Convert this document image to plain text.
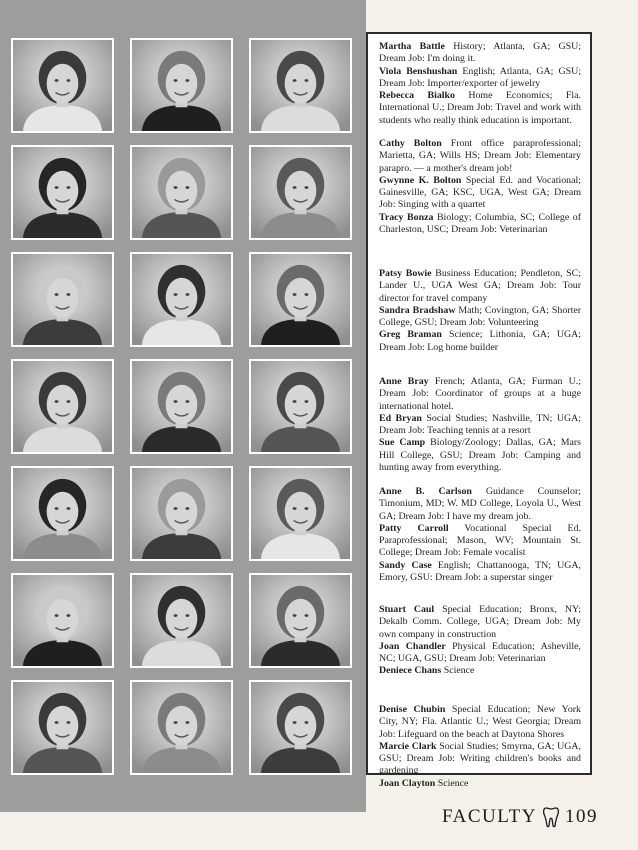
Martha Battle History; Atlanta, GA; GSU; Dream Job: I'm doing it.
Viola Benshushan English; Atlanta, GA; GSU; Dream Job: Importer/exporter of jewelry
Rebecca Bialko Home Economics; Fla. International U.; Dream Job: Travel and work with students who really think education is important.
Cathy Bolton Front office paraprofessional; Marietta, GA; Wills HS; Dream Job: Elementary parapro. — a mother's dream job!
Gwynne K. Bolton Special Ed. and Vocational; Gainesville, GA; KSC, UGA, West GA; Dream Job: Singing with a quartet
Tracy Bonza Biology; Columbia, SC; College of Charleston, USC; Dream Job: Veterinarian
Patsy Bowie Business Education; Pendleton, SC; Lander U., UGA West GA; Dream Job: Tour director for travel company
Sandra Bradshaw Math; Covington, GA; Shorter College, GSU; Dream Job: Volunteering
Greg Braman Science; Lithonia, GA; UGA; Dream Job: Log home builder
Anne Bray French; Atlanta, GA; Furman U.; Dream Job: Coordinator of groups at a huge international hotel.
Ed Bryan Social Studies; Nashville, TN; UGA; Dream Job: Teaching tennis at a resort
Sue Camp Biology/Zoology; Dallas, GA; Mars Hill College, GSU; Dream Job: Camping and hunting away from everything.
Anne B. Carlson Guidance Counselor; Timonium, MD; W. MD College, Loyola U., West GA; Dream Job: I have my dream job.
Patty Carroll Vocational Special Ed. Paraprofessional; Mason, WV; Mountain St. College; Dream Job: Female vocalist
Sandy Case English; Chattanooga, TN; UGA, Emory, GSU: Dream Job: a superstar singer
Stuart Caul Special Education; Bronx, NY; Dekalb Comm. College, UGA; Dream Job: My own company in construction
Joan Chandler Physical Education; Asheville, NC; UGA, GSU; Dream Job: Veterinarian
Deniece Chans Science
Denise Chubin Special Education; New York City, NY; Fla. Atlantic U.; West Georgia; Dream Job: Lifeguard on the beach at Daytona Shores
Marcie Clark Social Studies; Smyrna, GA; UGA, GSU; Dream Job: Writing children's books and gardening
Joan Clayton Science
FACULTY 109
